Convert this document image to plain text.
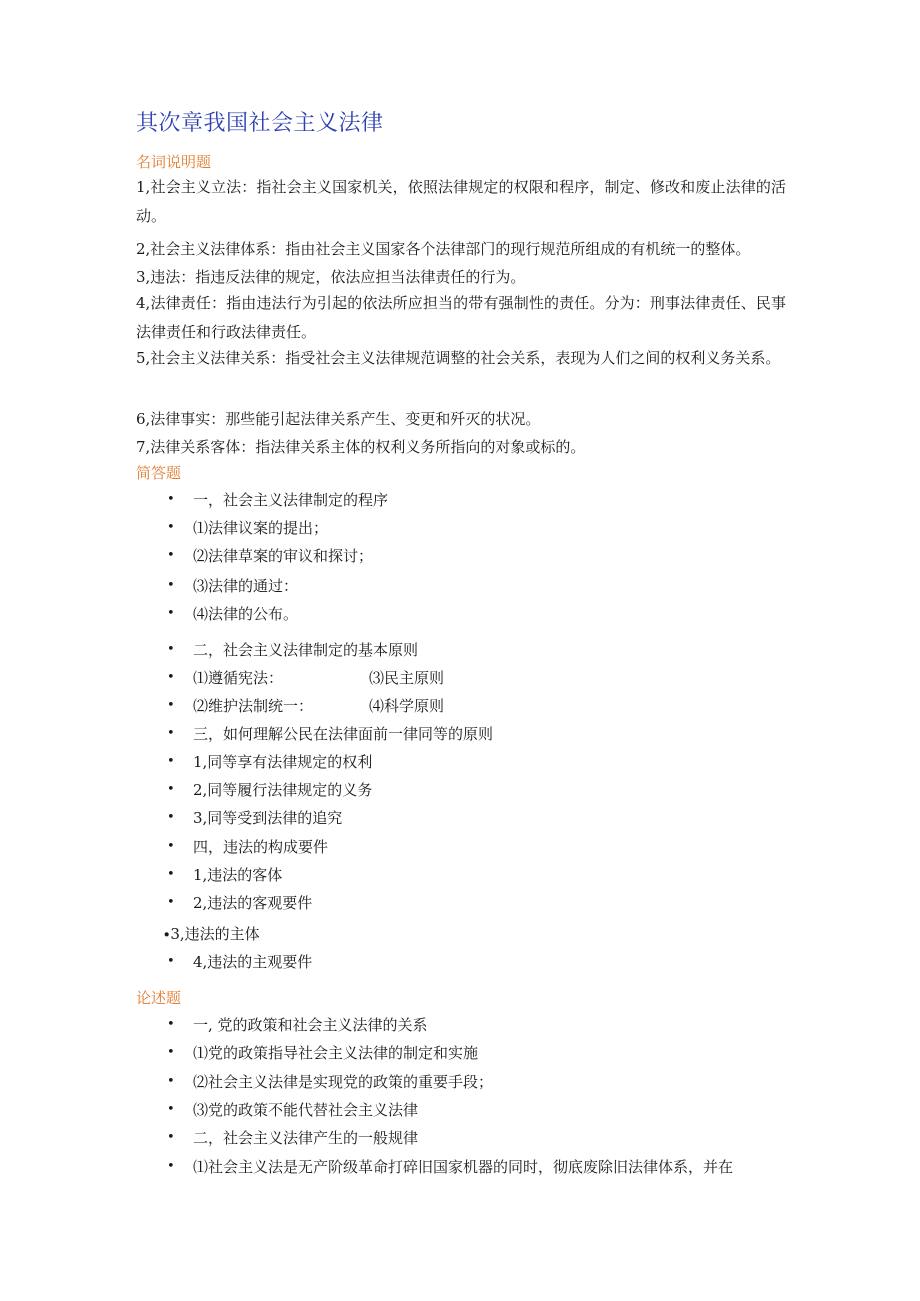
其次章我国社会主义法律
名词说明题
1,社会主义立法：指社会主义国家机关，依照法律规定的权限和程序，制定、修改和废止法律的活动。
2,社会主义法律体系：指由社会主义国家各个法律部门的现行规范所组成的有机统一的整体。
3,违法：指违反法律的规定，依法应担当法律责任的行为。
4,法律责任：指由违法行为引起的依法所应担当的带有强制性的责任。分为：刑事法律责任、民事法律责任和行政法律责任。
5,社会主义法律关系：指受社会主义法律规范调整的社会关系，表现为人们之间的权利义务关系。
6,法律事实：那些能引起法律关系产生、变更和歼灭的状况。
7,法律关系客体：指法律关系主体的权利义务所指向的对象或标的。
简答题
• 一，社会主义法律制定的程序
• ⑴法律议案的提出；
• ⑵法律草案的审议和探讨；
• ⑶法律的通过：
• ⑷法律的公布。
• 二，社会主义法律制定的基本原则
• ⑴遵循宪法：	⑶民主原则
• ⑵维护法制统一：	⑷科学原则
• 三，如何理解公民在法律面前一律同等的原则
• 1,同等享有法律规定的权利
• 2,同等履行法律规定的义务
• 3,同等受到法律的追究
• 四，违法的构成要件
• 1,违法的客体
• 2,违法的客观要件
∙3,违法的主体
• 4,违法的主观要件
论述题
• 一, 党的政策和社会主义法律的关系
• ⑴党的政策指导社会主义法律的制定和实施
• ⑵社会主义法律是实现党的政策的重要手段；
• ⑶党的政策不能代替社会主义法律
• 二，社会主义法律产生的一般规律
• ⑴社会主义法是无产阶级革命打碎旧国家机器的同时，彻底废除旧法律体系，并在
